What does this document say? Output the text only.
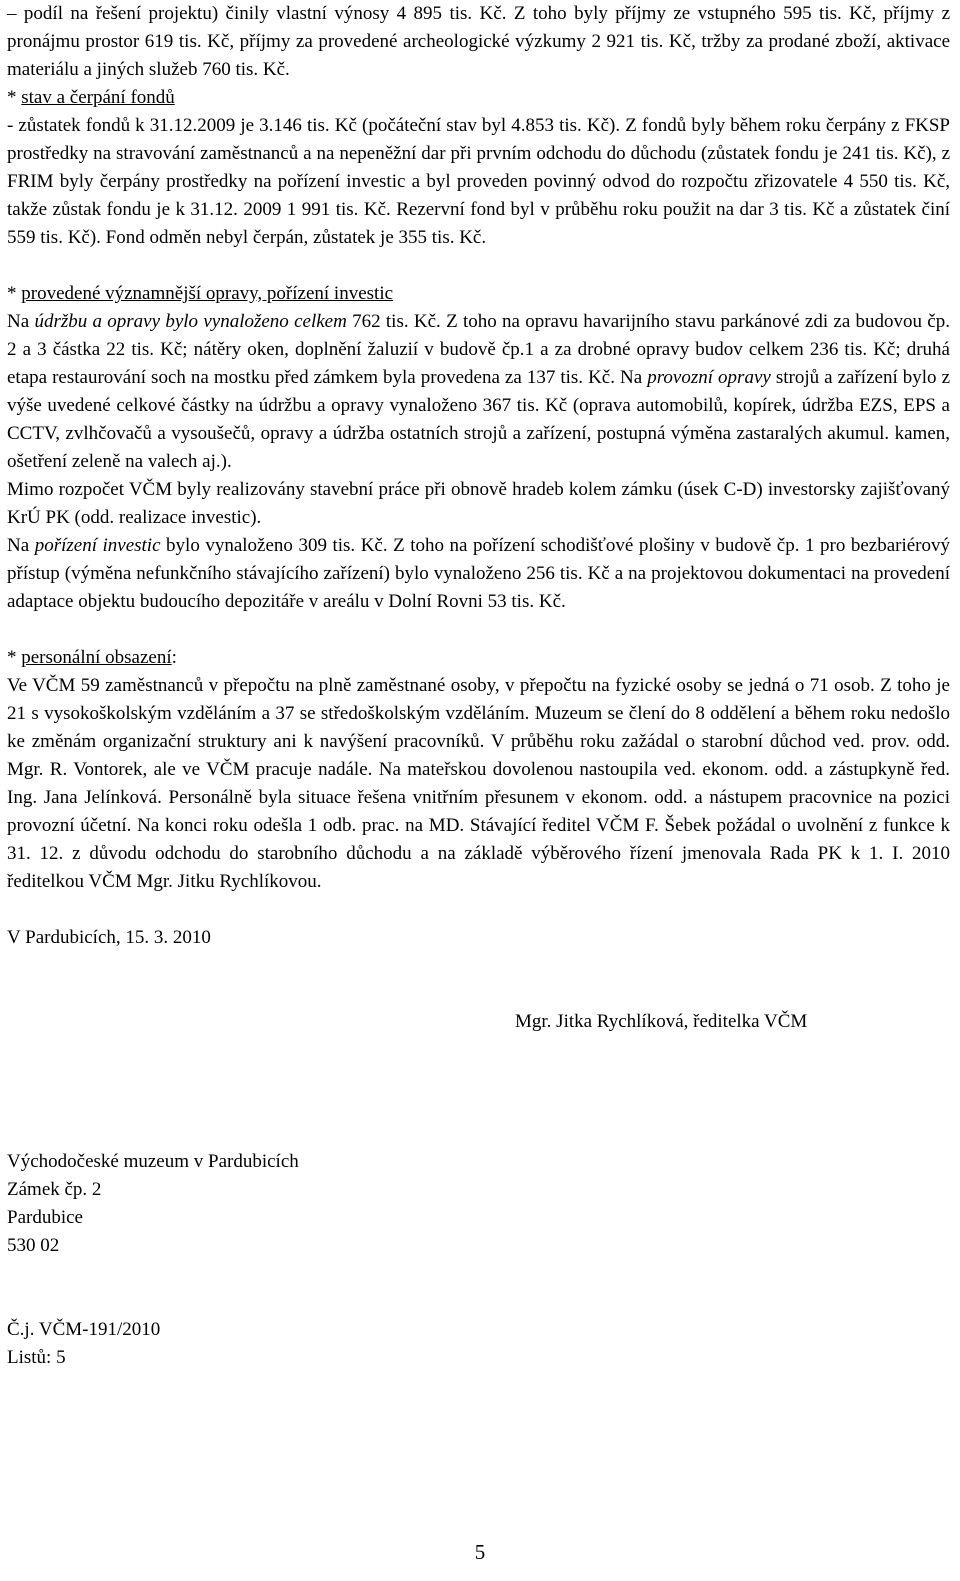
– podíl na řešení projektu) činily vlastní výnosy 4 895 tis. Kč. Z toho byly příjmy ze vstupného 595 tis. Kč, příjmy z pronájmu prostor 619 tis. Kč, příjmy za provedené archeologické výzkumy 2 921 tis. Kč, tržby za prodané zboží, aktivace materiálu a jiných služeb 760 tis. Kč.

* stav a čerpání fondů

- zůstatek fondů k 31.12.2009 je 3.146 tis. Kč (počáteční stav byl 4.853 tis. Kč). Z fondů byly během roku čerpány z FKSP prostředky na stravování zaměstnanců a na nepeněžní dar při prvním odchodu do důchodu (zůstatek fondu je 241 tis. Kč), z FRIM byly čerpány prostředky na pořízení investic a byl proveden povinný odvod do rozpočtu zřizovatele 4 550 tis. Kč, takže zůstak fondu je k 31.12. 2009 1 991 tis. Kč. Rezervní fond byl v průběhu roku použit na dar 3 tis. Kč a zůstatek činí 559 tis. Kč). Fond odměn nebyl čerpán, zůstatek je 355 tis. Kč.

* provedené významnější opravy, pořízení investic

Na údržbu a opravy bylo vynaloženo celkem 762 tis. Kč. Z toho na opravu havarijního stavu parkánové zdi za budovou čp. 2 a 3 částka 22 tis. Kč; nátěry oken, doplnění žaluzií v budově čp.1 a za drobné opravy budov celkem 236 tis. Kč; druhá etapa restaurování soch na mostku před zámkem byla provedena za 137 tis. Kč. Na provozní opravy strojů a zařízení bylo z výše uvedené celkové částky na údržbu a opravy vynaloženo 367 tis. Kč (oprava automobilů, kopírek, údržba EZS, EPS a CCTV, zvlhčovačů a vysoušečů, opravy a údržba ostatních strojů a zařízení, postupná výměna zastaralých akumul. kamen, ošetření zeleně na valech aj.).

Mimo rozpočet VČM byly realizovány stavební práce při obnově hradeb kolem zámku (úsek C-D) investorsky zajišťovaný KrÚ PK (odd. realizace investic).

Na pořízení investic bylo vynaloženo 309 tis. Kč. Z toho na pořízení schodišťové plošiny v budově čp. 1 pro bezbariérový přístup (výměna nefunkčního stávajícího zařízení) bylo vynaloženo 256 tis. Kč a na projektovou dokumentaci na provedení adaptace objektu budoucího depozitáře v areálu v Dolní Rovni 53 tis. Kč.

* personální obsazení:

Ve VČM 59 zaměstnanců v přepočtu na plně zaměstnané osoby, v přepočtu na fyzické osoby se jedná o 71 osob. Z toho je 21 s vysokoškolským vzděláním a 37 se středoškolským vzděláním. Muzeum se člení do 8 oddělení a během roku nedošlo ke změnám organizační struktury ani k navýšení pracovníků. V průběhu roku zažádal o starobní důchod ved. prov. odd. Mgr. R. Vontorek, ale ve VČM pracuje nadále. Na mateřskou dovolenou nastoupila ved. ekonom. odd. a zástupkyně řed. Ing. Jana Jelínková. Personálně byla situace řešena vnitřním přesunem v ekonom. odd. a nástupem pracovnice na pozici provozní účetní. Na konci roku odešla 1 odb. prac. na MD. Stávající ředitel VČM F. Šebek požádal o uvolnění z funkce k 31. 12. z důvodu odchodu do starobního důchodu a na základě výběrového řízení jmenovala Rada PK k 1. I. 2010 ředitelkou VČM Mgr. Jitku Rychlíkovou.

V Pardubicích, 15. 3. 2010

Mgr. Jitka Rychlíková, ředitelka VČM

Východočeské muzeum v Pardubicích

Zámek čp. 2

Pardubice

530 02

Č.j. VČM-191/2010

Listů: 5

5
